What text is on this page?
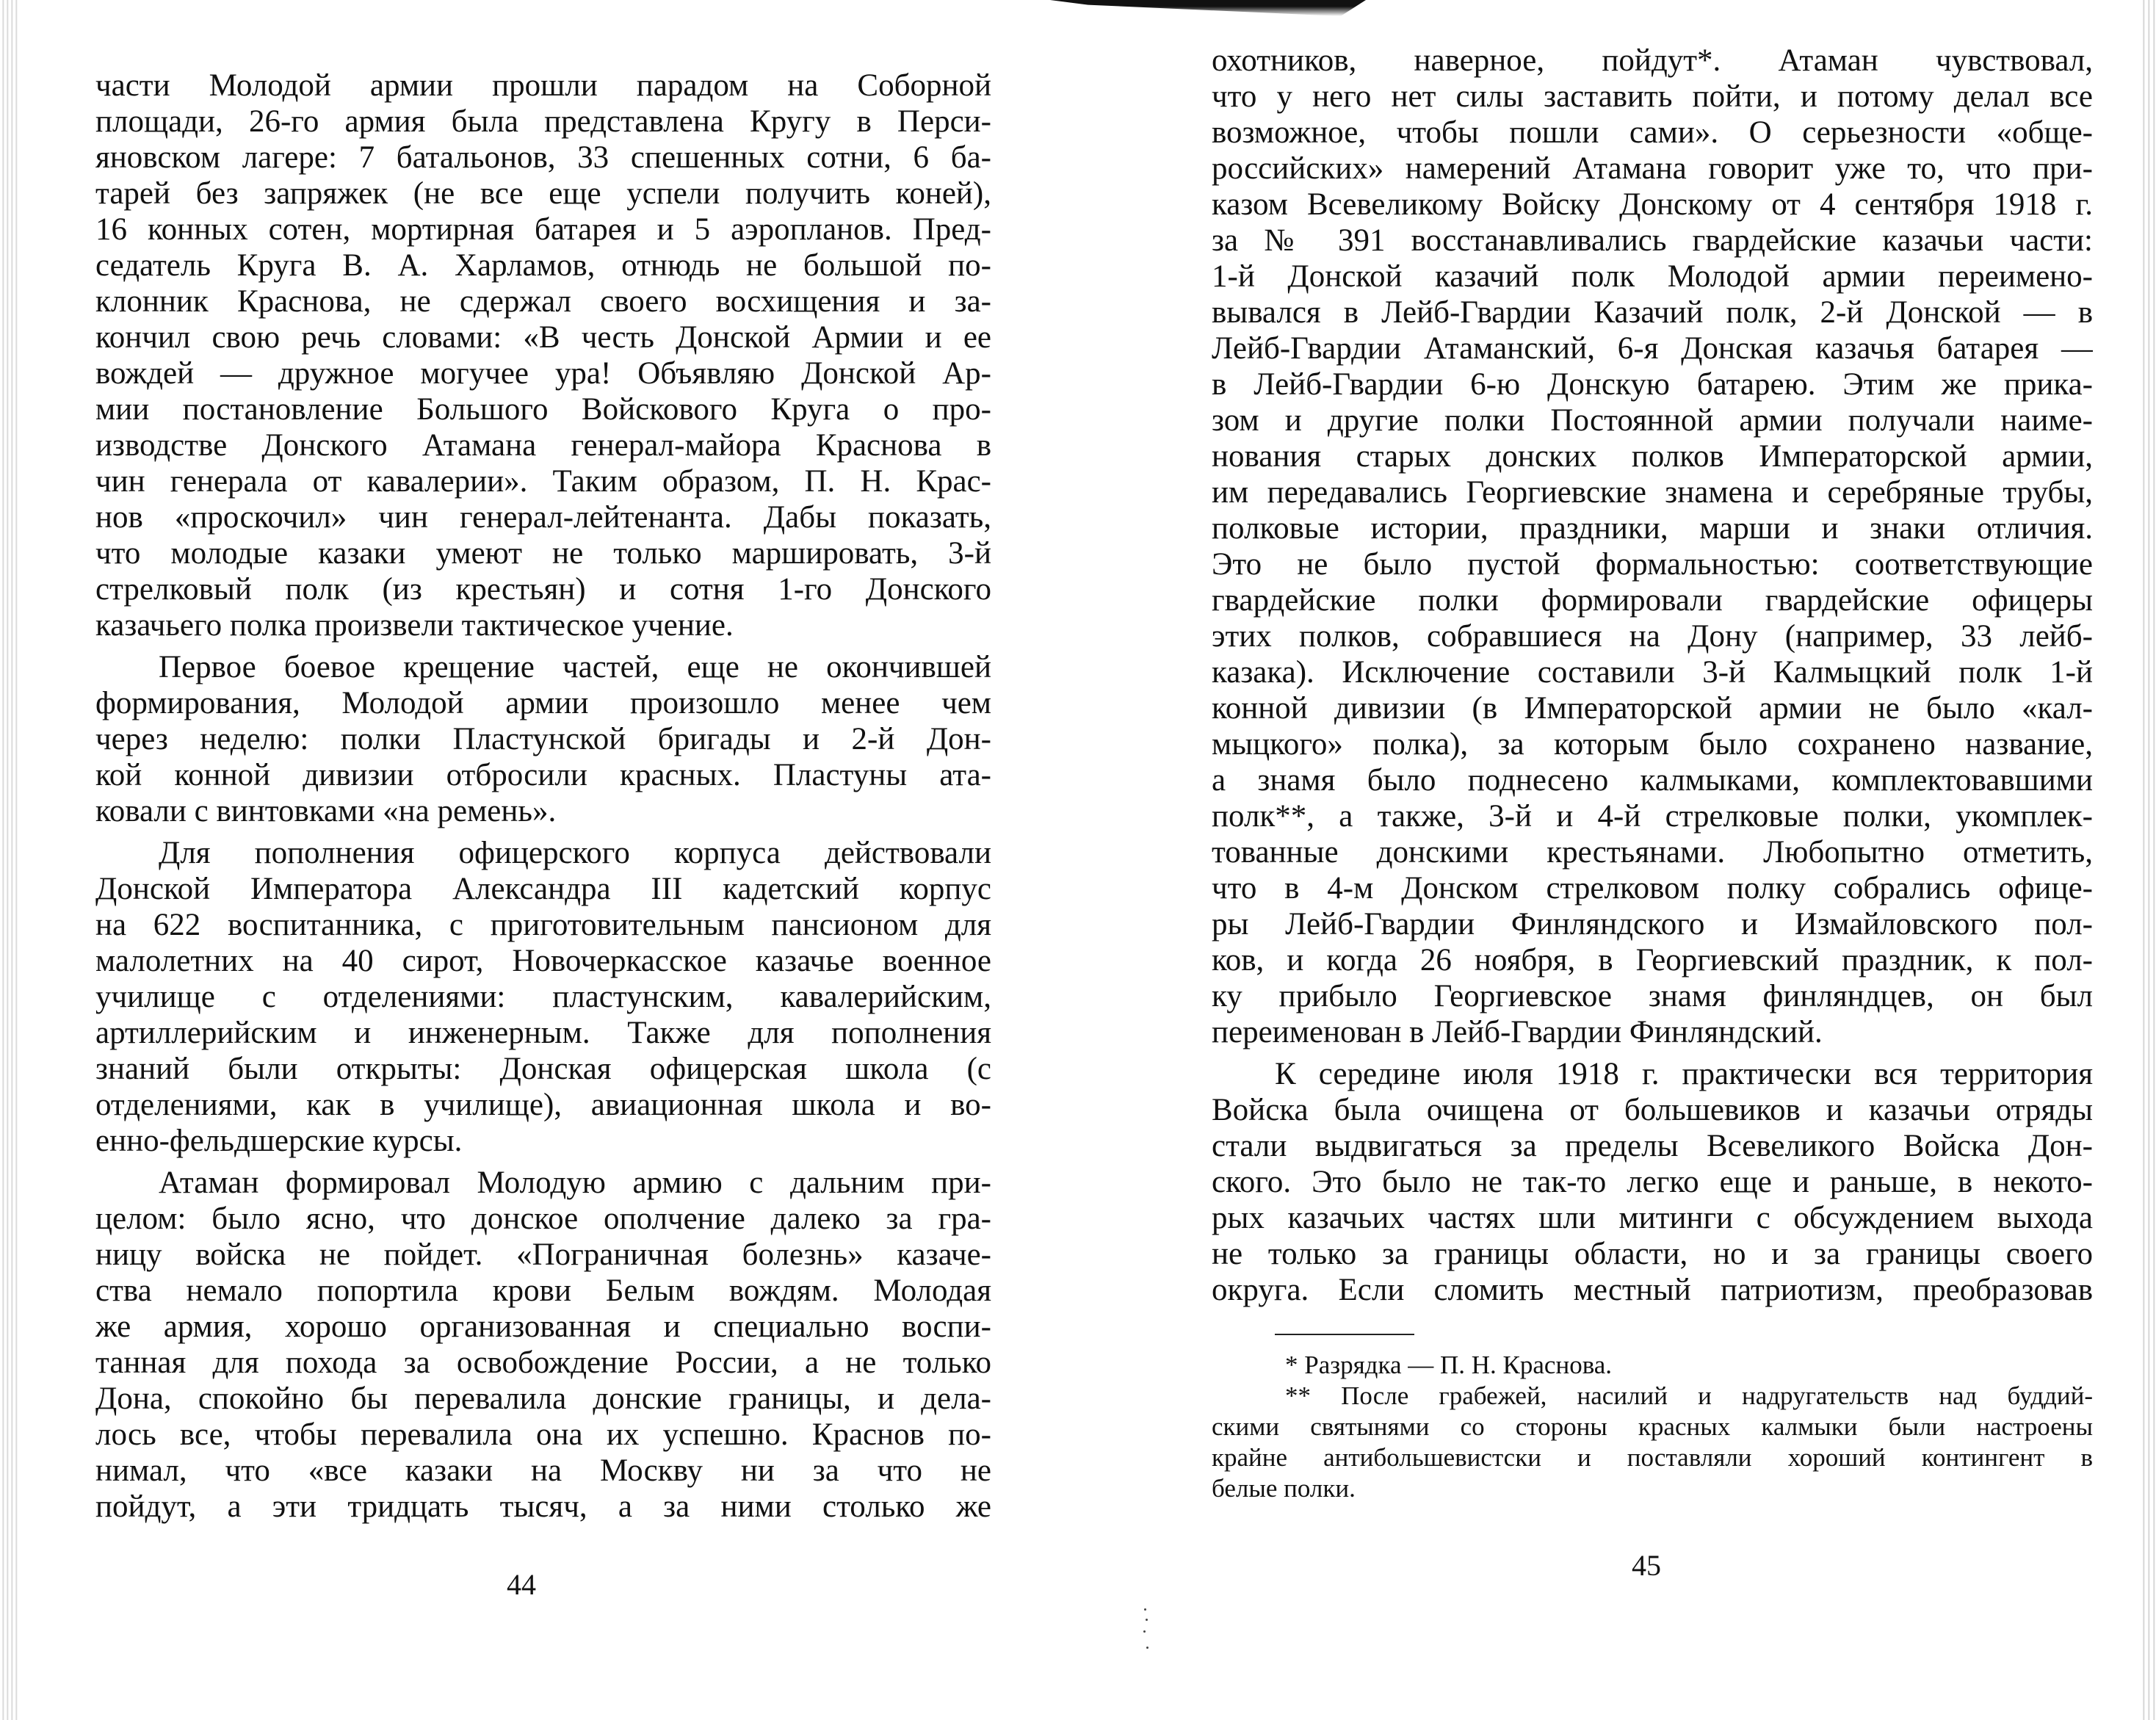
части Молодой армии прошли парадом на Соборной
площади, 26-го армия была представлена Кругу в Перси-
яновском лагере: 7 батальонов, 33 спешенных сотни, 6 ба-
тарей без запряжек (не все еще успели получить коней),
16 конных сотен, мортирная батарея и 5 аэропланов. Пред-
седатель Круга В. А. Харламов, отнюдь не большой по-
клонник Краснова, не сдержал своего восхищения и за-
кончил свою речь словами: «В честь Донской Армии и ее
вождей — дружное могучее ура! Объявляю Донской Ар-
мии постановление Большого Войскового Круга о про-
изводстве Донского Атамана генерал-майора Краснова в
чин генерала от кавалерии». Таким образом, П. Н. Крас-
нов «проскочил» чин генерал-лейтенанта. Дабы показать,
что молодые казаки умеют не только маршировать, 3-й
стрелковый полк (из крестьян) и сотня 1-го Донского
казачьего полка произвели тактическое учение.
Первое боевое крещение частей, еще не окончившей
формирования, Молодой армии произошло менее чем
через неделю: полки Пластунской бригады и 2-й Дон-
кой конной дивизии отбросили красных. Пластуны ата-
ковали с винтовками «на ремень».
Для пополнения офицерского корпуса действовали
Донской Императора Александра III кадетский корпус
на 622 воспитанника, с приготовительным пансионом для
малолетних на 40 сирот, Новочеркасское казачье военное
училище с отделениями: пластунским, кавалерийским,
артиллерийским и инженерным. Также для пополнения
знаний были открыты: Донская офицерская школа (с
отделениями, как в училище), авиационная школа и во-
енно-фельдшерские курсы.
Атаман формировал Молодую армию с дальним при-
целом: было ясно, что донское ополчение далеко за гра-
ницу войска не пойдет. «Пограничная болезнь» казаче-
ства немало попортила крови Белым вождям. Молодая
же армия, хорошо организованная и специально воспи-
танная для похода за освобождение России, а не только
Дона, спокойно бы перевалила донские границы, и дела-
лось все, чтобы перевалила она их успешно. Краснов по-
нимал, что «все казаки на Москву ни за что не
пойдут, а эти тридцать тысяч, а за ними столько же
44
охотников, наверное, пойдут*. Атаман чувствовал,
что у него нет силы заставить пойти, и потому делал все
возможное, чтобы пошли сами». О серьезности «обще-
российских» намерений Атамана говорит уже то, что при-
казом Всевеликому Войску Донскому от 4 сентября 1918 г.
за № 391 восстанавливались гвардейские казачьи части:
1-й Донской казачий полк Молодой армии переимено-
вывался в Лейб-Гвардии Казачий полк, 2-й Донской — в
Лейб-Гвардии Атаманский, 6-я Донская казачья батарея —
в Лейб-Гвардии 6-ю Донскую батарею. Этим же прика-
зом и другие полки Постоянной армии получали наиме-
нования старых донских полков Императорской армии,
им передавались Георгиевские знамена и серебряные трубы,
полковые истории, праздники, марши и знаки отличия.
Это не было пустой формальностью: соответствующие
гвардейские полки формировали гвардейские офицеры
этих полков, собравшиеся на Дону (например, 33 лейб-
казака). Исключение составили 3-й Калмыцкий полк 1-й
конной дивизии (в Императорской армии не было «кал-
мыцкого» полка), за которым было сохранено название,
а знамя было поднесено калмыками, комплектовавшими
полк**, а также, 3-й и 4-й стрелковые полки, укомплек-
тованные донскими крестьянами. Любопытно отметить,
что в 4-м Донском стрелковом полку собрались офице-
ры Лейб-Гвардии Финляндского и Измайловского пол-
ков, и когда 26 ноября, в Георгиевский праздник, к пол-
ку прибыло Георгиевское знамя финляндцев, он был
переименован в Лейб-Гвардии Финляндский.
К середине июля 1918 г. практически вся территория
Войска была очищена от большевиков и казачьи отряды
стали выдвигаться за пределы Всевеликого Войска Дон-
ского. Это было не так-то легко еще и раньше, в некото-
рых казачьих частях шли митинги с обсуждением выхода
не только за границы области, но и за границы своего
округа. Если сломить местный патриотизм, преобразовав
* Разрядка — П. Н. Краснова.
** После грабежей, насилий и надругательств над буддий-
скими святынями со стороны красных калмыки были настроены
крайне антибольшевистски и поставляли хороший контингент в
белые полки.
45
